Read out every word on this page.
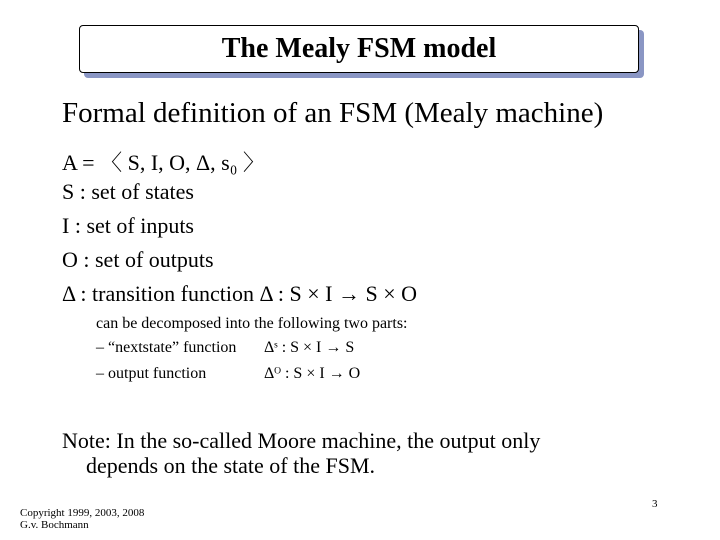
The Mealy FSM model
Formal definition of an FSM (Mealy machine)
A = 〈 S, I, O, Δ, s₀ 〉
S : set of states
I : set of inputs
O : set of outputs
Δ : transition function Δ : S × I → S × O
can be decomposed into the following two parts:
– “nextstate” function Δˢ : S × I → S
– output function	Δᴼ : S × I → O
Note: In the so-called Moore machine, the output only
depends on the state of the FSM.
Copyright 1999, 2003, 2008
G.v. Bochmann
3
